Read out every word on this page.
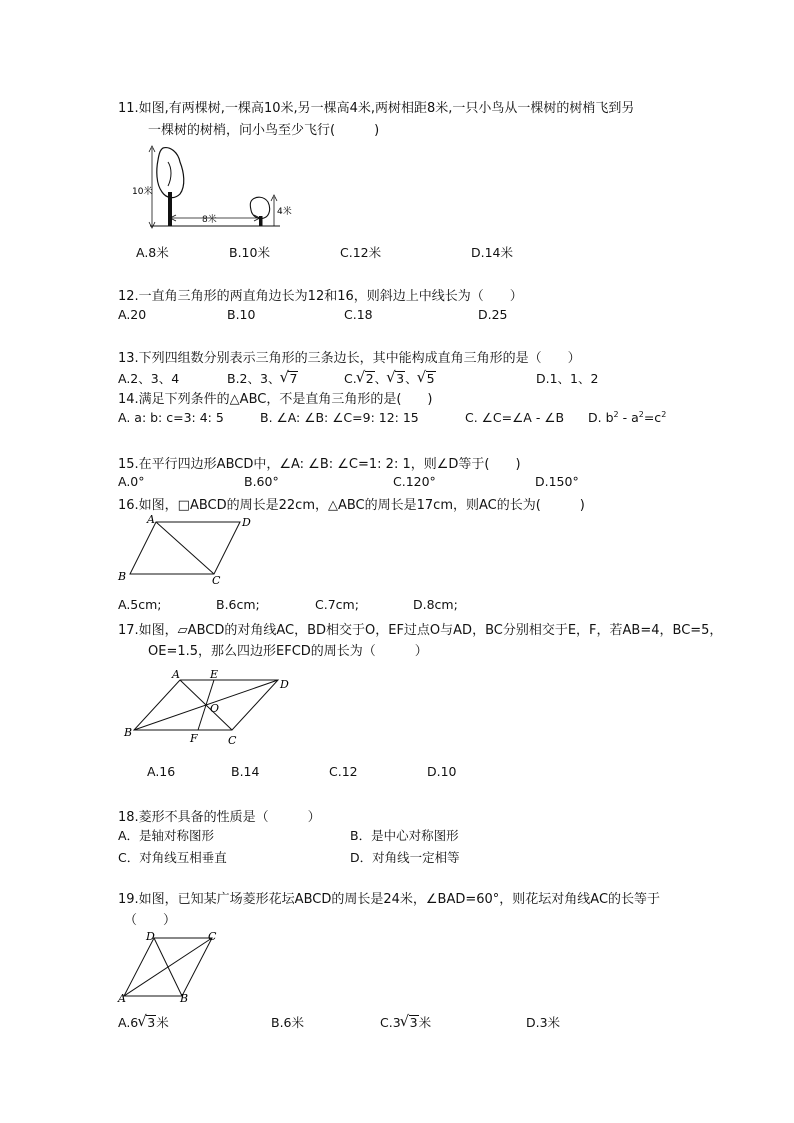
11.如图,有两棵树,一棵高10米,另一棵高4米,两树相距8米,一只小鸟从一棵树的树梢飞到另
一棵树的树梢，问小鸟至少飞行(　　　)
10米
8米
4米
A.8米	B.10米	C.12米	D.14米
12.一直角三角形的两直角边长为12和16，则斜边上中线长为（　　）
A.20	B.10	C.18	D.25
13.下列四组数分别表示三角形的三条边长，其中能构成直角三角形的是（　　）
A.2、3、4	B.2、3、 √ 7	C. √ 2、 √ 3、 √ 5	D.1、1、2
14.满足下列条件的△ABC，不是直角三角形的是(　　)
A. a: b: c=3: 4: 5	B. ∠A: ∠B: ∠C=9: 12: 15	C. ∠C=∠A - ∠B D. $b^2 - a^2=c^2$
15.在平行四边形ABCD中，∠A: ∠B: ∠C=1: 2: 1，则∠D等于(　　)
A.0°	B.60°	C.120°	D.150°
16.如图，□ABCD的周长是22cm，△ABC的周长是17cm，则AC的长为(　　　)
A	D
B	C
A.5cm;	B.6cm;	C.7cm;	D.8cm;
17.如图，▱ABCD的对角线AC，BD相交于O，EF过点O与AD，BC分别相交于E，F，若AB=4，BC=5，
OE=1.5，那么四边形EFCD的周长为（　　　）
A	E
D
O
B	F	C
A.16	B.14	C.12	D.10
18.菱形不具备的性质是（　　　）
A．是轴对称图形	B．是中心对称图形
C．对角线互相垂直	D．对角线一定相等
19.如图，已知某广场菱形花坛ABCD的周长是24米，∠BAD=60°，则花坛对角线AC的长等于
（　　）
D	C
A	B
A.6 √ 3米	B.6米	C.3 √ 3米	D.3米
